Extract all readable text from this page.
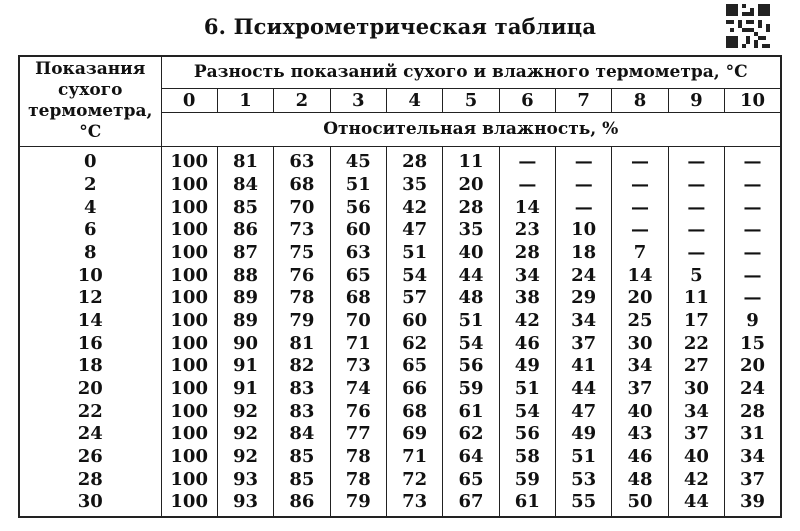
6. Психрометрическая таблица
Показания сухого термометра, °C	Разность показаний сухого и влажного термометра, °C										
	0	1	2	3	4	5	6	7	8	9	10
	Относительная влажность, %										
0	100	81	63	45	28	11	—	—	—	—	—
2	100	84	68	51	35	20	—	—	—	—	—
4	100	85	70	56	42	28	14	—	—	—	—
6	100	86	73	60	47	35	23	10	—	—	—
8	100	87	75	63	51	40	28	18	7	—	—
10	100	88	76	65	54	44	34	24	14	5	—
12	100	89	78	68	57	48	38	29	20	11	—
14	100	89	79	70	60	51	42	34	25	17	9
16	100	90	81	71	62	54	46	37	30	22	15
18	100	91	82	73	65	56	49	41	34	27	20
20	100	91	83	74	66	59	51	44	37	30	24
22	100	92	83	76	68	61	54	47	40	34	28
24	100	92	84	77	69	62	56	49	43	37	31
26	100	92	85	78	71	64	58	51	46	40	34
28	100	93	85	78	72	65	59	53	48	42	37
30	100	93	86	79	73	67	61	55	50	44	39
